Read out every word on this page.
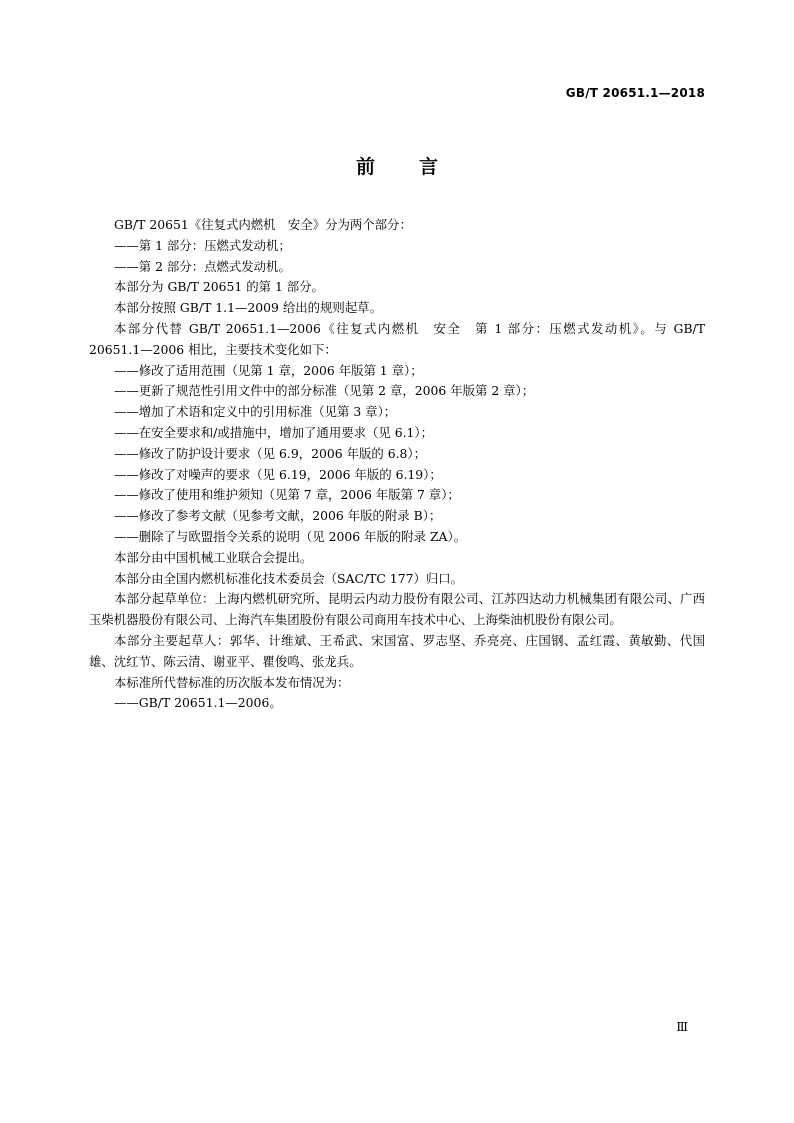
GB/T 20651.1—2018
前言

GB/T 20651《往复式内燃机　安全》分为两个部分：

——第 1 部分：压燃式发动机；

——第 2 部分：点燃式发动机。

本部分为 GB/T 20651 的第 1 部分。

本部分按照 GB/T 1.1—2009 给出的规则起草。

本部分代替 GB/T 20651.1—2006《往复式内燃机　安全　第 1 部分：压燃式发动机》。与 GB/T 20651.1—2006 相比，主要技术变化如下：

——修改了适用范围（见第 1 章，2006 年版第 1 章）；

——更新了规范性引用文件中的部分标准（见第 2 章，2006 年版第 2 章）；

——增加了术语和定义中的引用标准（见第 3 章）；

——在安全要求和/或措施中，增加了通用要求（见 6.1）；

——修改了防护设计要求（见 6.9，2006 年版的 6.8）；

——修改了对噪声的要求（见 6.19，2006 年版的 6.19）；

——修改了使用和维护须知（见第 7 章，2006 年版第 7 章）；

——修改了参考文献（见参考文献，2006 年版的附录 B）；

——删除了与欧盟指令关系的说明（见 2006 年版的附录 ZA）。

本部分由中国机械工业联合会提出。

本部分由全国内燃机标准化技术委员会（SAC/TC 177）归口。

本部分起草单位：上海内燃机研究所、昆明云内动力股份有限公司、江苏四达动力机械集团有限公司、广西玉柴机器股份有限公司、上海汽车集团股份有限公司商用车技术中心、上海柴油机股份有限公司。

本部分主要起草人：郭华、计维斌、王希武、宋国富、罗志坚、乔亮亮、庄国钢、孟红霞、黄敏勤、代国雄、沈红节、陈云清、谢亚平、瞿俊鸣、张龙兵。

本标准所代替标准的历次版本发布情况为：

——GB/T 20651.1—2006。

Ⅲ
